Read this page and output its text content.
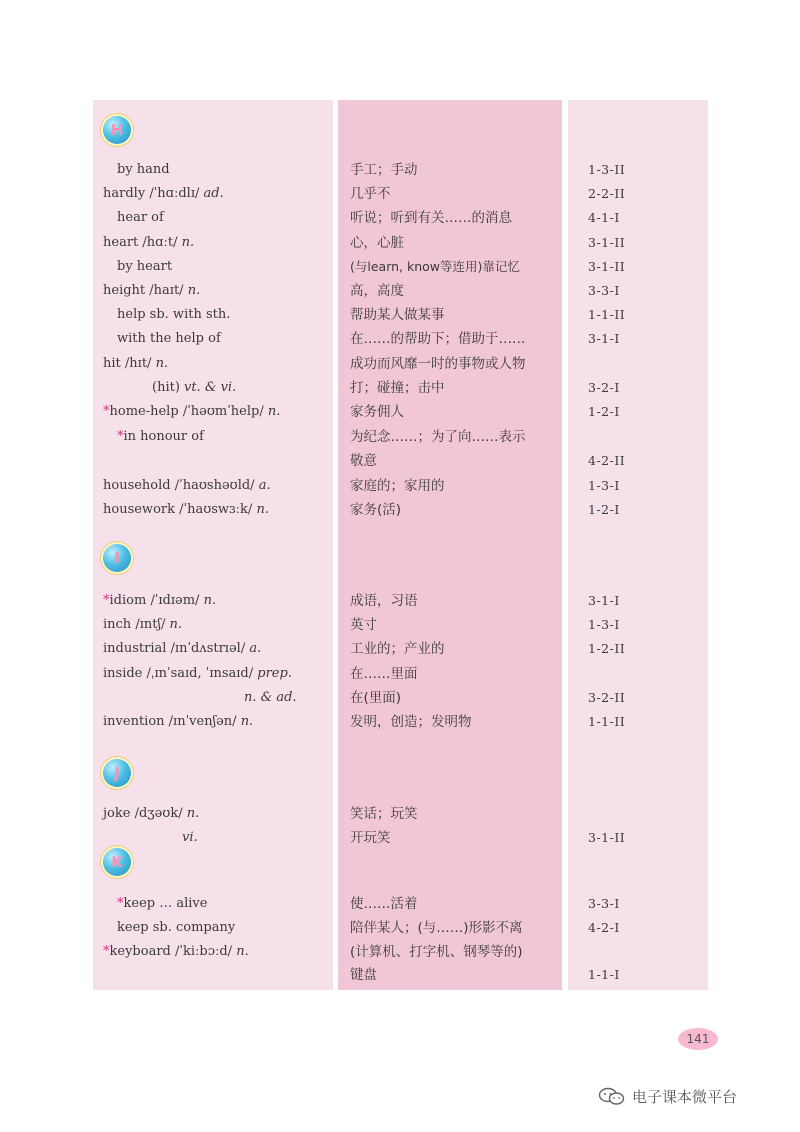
H
by hand	手工；手动	1-3-II
hardly /ˈhɑːdlɪ/ ad.	几乎不	2-2-II
hear of	听说；听到有关……的消息	4-1-I
heart /hɑːt/ n.	心，心脏	3-1-II
by heart	(与learn, know等连用)靠记忆	3-1-II
height /haɪt/ n.	高，高度	3-3-I
help sb. with sth.	帮助某人做某事	1-1-II
with the help of	在……的帮助下；借助于……	3-1-I
hit /hɪt/ n.	成功而风靡一时的事物或人物
(hit) vt. & vi.	打；碰撞；击中	3-2-I
*home-help /ˈhəʊmˈhelp/ n.	家务佣人	1-2-I
*in honour of	为纪念……；为了向……表示
敬意	4-2-II
household /ˈhaʊshəʊld/ a.	家庭的；家用的	1-3-I
housework /ˈhaʊswɜːk/ n.	家务(活)	1-2-I
I
*idiom /ˈɪdɪəm/ n.	成语，习语	3-1-I
inch /ɪntʃ/ n.	英寸	1-3-I
industrial /ɪnˈdʌstrɪəl/ a.	工业的；产业的	1-2-II
inside /ˌɪnˈsaɪd, ˈɪnsaɪd/ prep.	在……里面
n. & ad.	在(里面)	3-2-II
invention /ɪnˈvenʃən/ n.	发明，创造；发明物	1-1-II
J
joke /dʒəʊk/ n.	笑话；玩笑
vi.	开玩笑	3-1-II
K
*keep … alive	使……活着	3-3-I
keep sb. company	陪伴某人；(与……)形影不离	4-2-I
*keyboard /ˈkiːbɔːd/ n.	(计算机、打字机、钢琴等的)
键盘	1-1-I
141
电子课本微平台
